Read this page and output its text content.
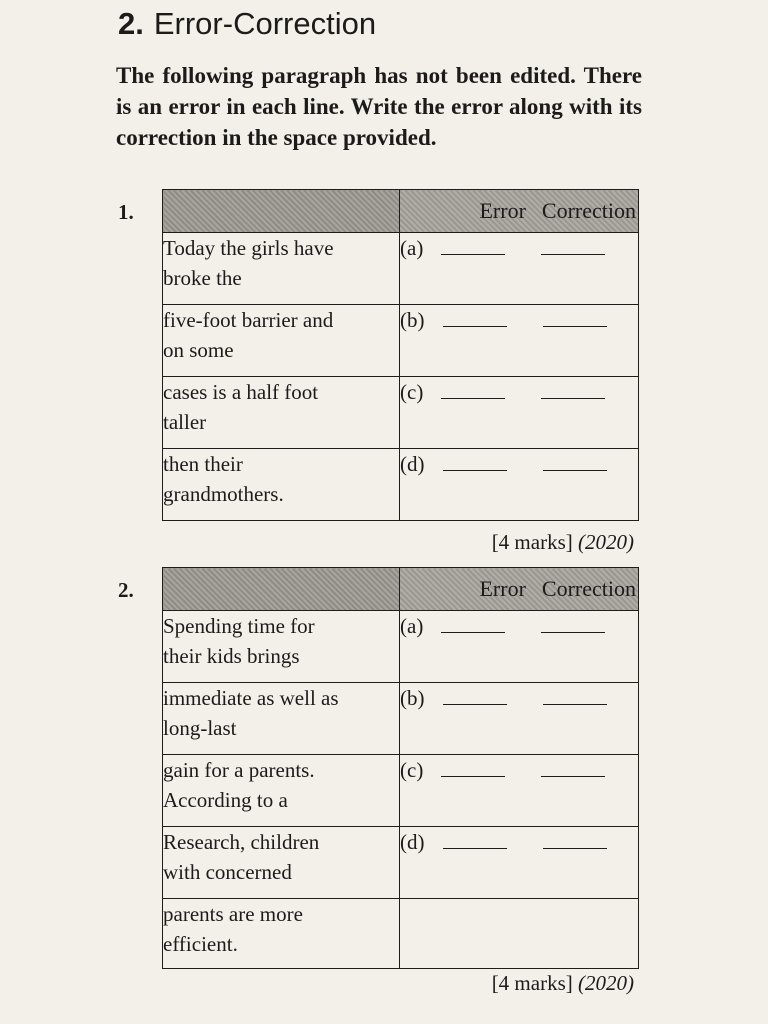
2. Error-Correction

The following paragraph has not been edited. There is an error in each line. Write the error along with its correction in the space provided.

1.
		Error Correction
Today the girls have
broke the	(a)
five-foot barrier and
on some	(b)
cases is a half foot
taller	(c)
then their
grandmothers.	(d)
[4 marks] (2020)
2.
		Error Correction
Spending time for
their kids brings	(a)
immediate as well as
long-last	(b)
gain for a parents.
According to a	(c)
Research, children
with concerned	(d)
parents are more
efficient.	
[4 marks] (2020)
